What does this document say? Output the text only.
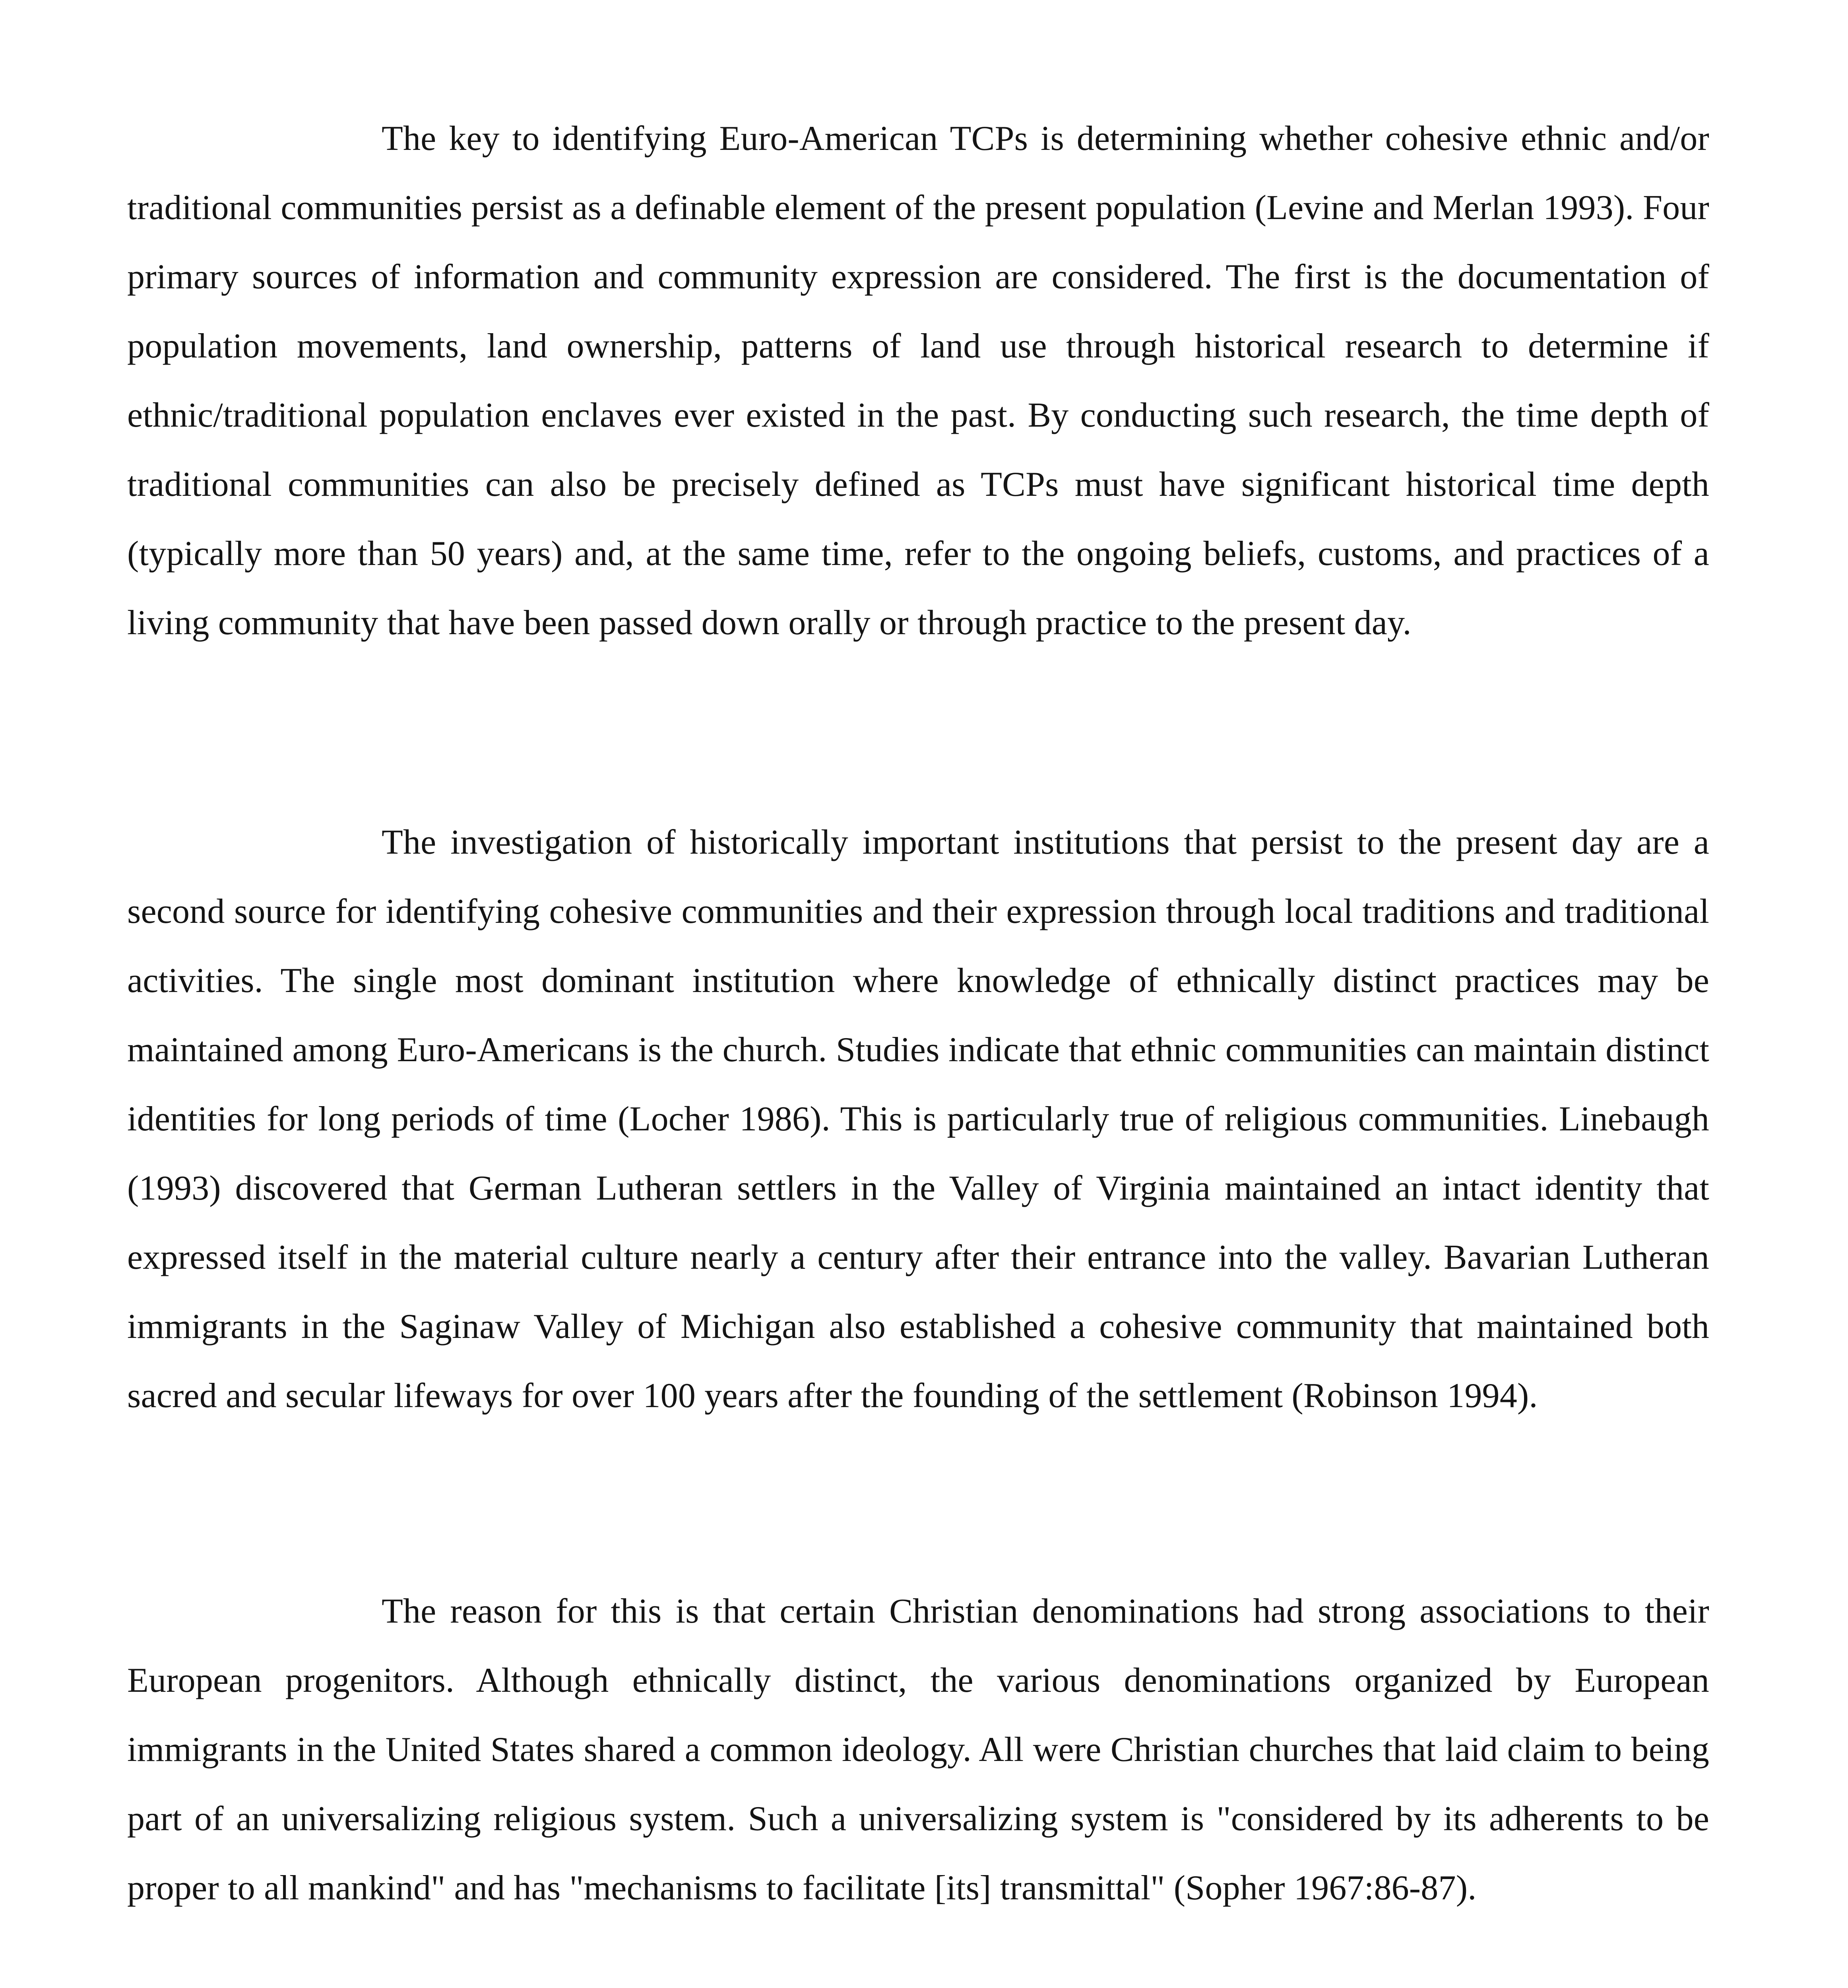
The key to identifying Euro-American TCPs is determining whether cohesive ethnic and/or traditional communities persist as a definable element of the present population (Levine and Merlan 1993). Four primary sources of information and community expression are considered. The first is the documentation of population movements, land ownership, patterns of land use through historical research to determine if ethnic/traditional population enclaves ever existed in the past. By conducting such research, the time depth of traditional communities can also be precisely defined as TCPs must have significant historical time depth (typically more than 50 years) and, at the same time, refer to the ongoing beliefs, customs, and practices of a living community that have been passed down orally or through practice to the present day.

The investigation of historically important institutions that persist to the present day are a second source for identifying cohesive communities and their expression through local traditions and traditional activities. The single most dominant institution where knowledge of ethnically distinct practices may be maintained among Euro-Americans is the church. Studies indicate that ethnic communities can maintain distinct identities for long periods of time (Locher 1986). This is particularly true of religious communities. Linebaugh (1993) discovered that German Lutheran settlers in the Valley of Virginia maintained an intact identity that expressed itself in the material culture nearly a century after their entrance into the valley. Bavarian Lutheran immigrants in the Saginaw Valley of Michigan also established a cohesive community that maintained both sacred and secular lifeways for over 100 years after the founding of the settlement (Robinson 1994).

The reason for this is that certain Christian denominations had strong associations to their European progenitors. Although ethnically distinct, the various denominations organized by European immigrants in the United States shared a common ideology. All were Christian churches that laid claim to being part of an universalizing religious system. Such a universalizing system is "considered by its adherents to be proper to all mankind" and has "mechanisms to facilitate [its] transmittal" (Sopher 1967:86-87).
